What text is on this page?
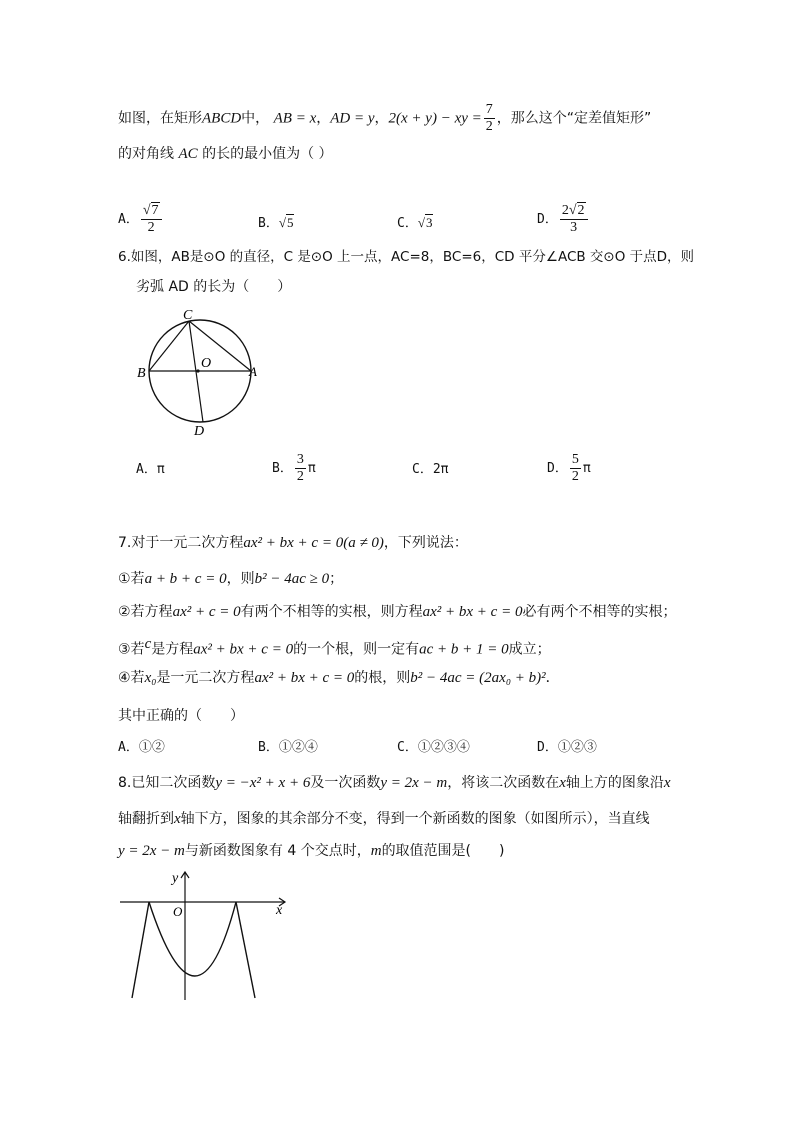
如图，在矩形ABCD中， AB = x，AD = y，2(x + y) − xy = $\frac{7}{2}$ ，那么这个“定差值矩形”
的对角线 AC 的长的最小值为（ ）
A． $\frac{√7}{2}$	B．√5	C．√3	D． $\frac{2√2}{3}$
6.如图，AB是⊙O 的直径，C 是⊙O 上一点，AC=8，BC=6，CD 平分∠ACB 交⊙O 于点D，则
劣弧 AD 的长为（　　）
C
O
B	A
D
A．π	B． $\frac{3}{2}$ π	C．2π	D． $\frac{5}{2}$ π
7.对于一元二次方程ax² + bx + c = 0(a ≠ 0)，下列说法：
①若a + b + c = 0，则b² − 4ac ≥ 0；
②若方程ax² + c = 0有两个不相等的实根，则方程ax² + bx + c = 0必有两个不相等的实根；
③若$^c$是方程ax² + bx + c = 0的一个根，则一定有ac + b + 1 = 0成立；
④若x₀是一元二次方程ax² + bx + c = 0的根，则b² − 4ac = (2ax₀ + b)²．
其中正确的（　　）
A．①②	B．①②④	C．①②③④	D．①②③
8.已知二次函数y = −x² + x + 6及一次函数y = 2x − m，将该二次函数在x轴上方的图象沿x
轴翻折到x轴下方，图象的其余部分不变，得到一个新函数的图象（如图所示），当直线
y = 2x − m与新函数图象有 4 个交点时，m的取值范围是(　　)
y
O	x
